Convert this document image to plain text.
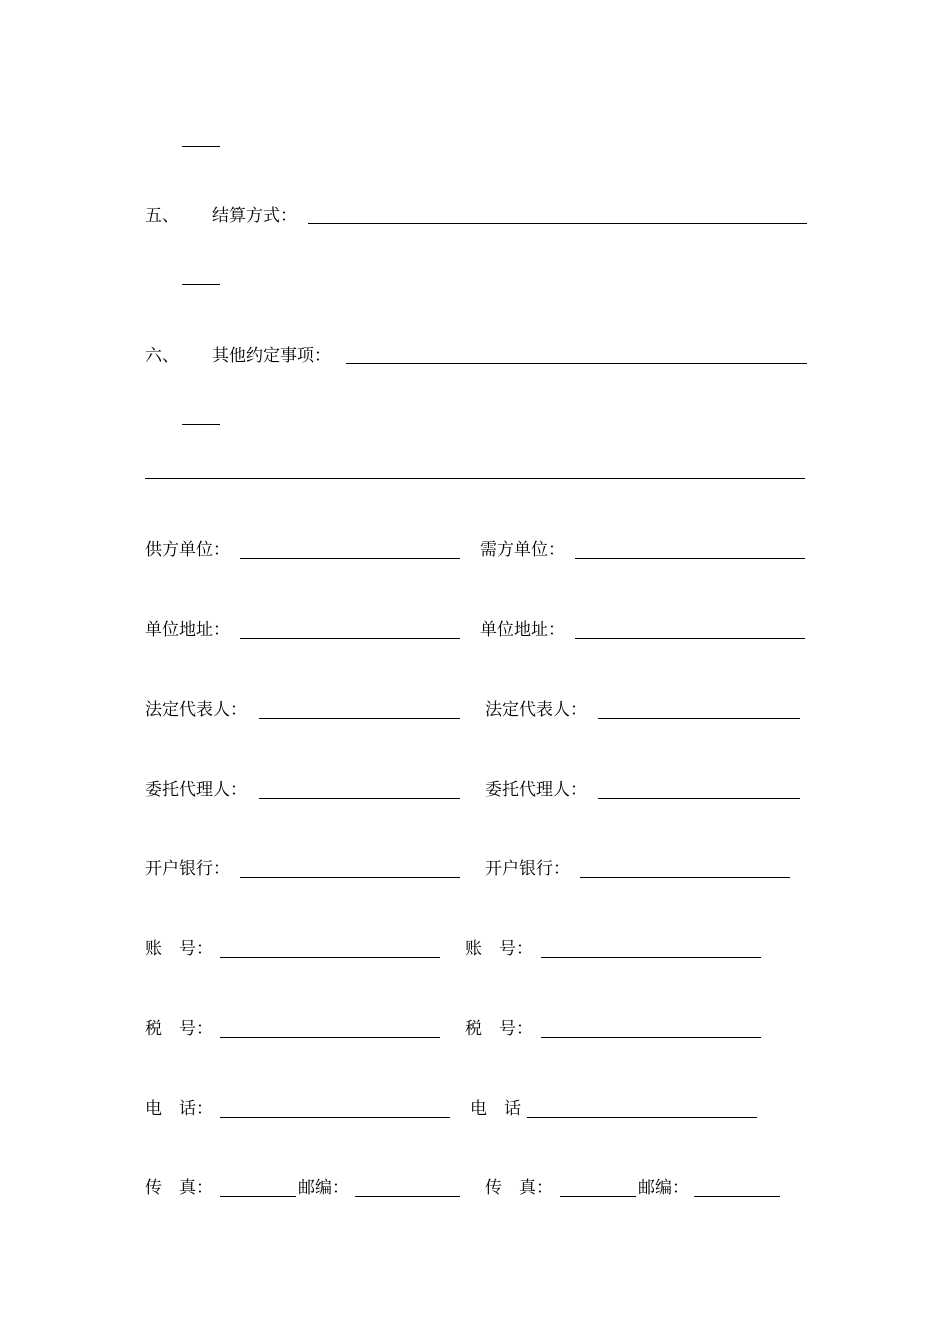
五、 结算方式：
六、 其他约定事项：
供方单位：	需方单位：
单位地址：	单位地址：
法定代表人：	法定代表人：
委托代理人：	委托代理人：
开户银行：	开户银行：
账　号：	账　号：
税　号：	税　号：
电　话：	电　话
传　真：	邮编：	传　真：	邮编：
